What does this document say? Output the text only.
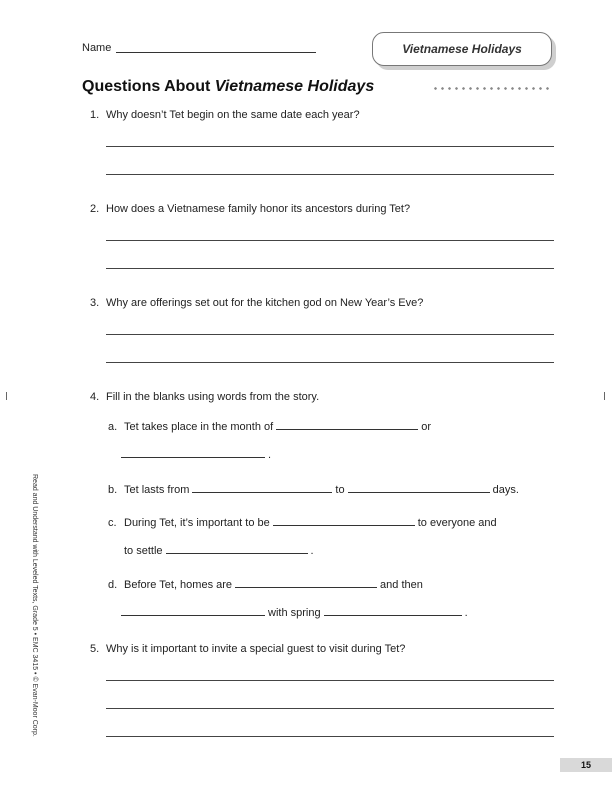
Name	Vietnamese Holidays
Questions About Vietnamese Holidays
1. Why doesn’t Tet begin on the same date each year?
2. How does a Vietnamese family honor its ancestors during Tet?
3. Why are offerings set out for the kitchen god on New Year’s Eve?
4. Fill in the blanks using words from the story.
a. Tet takes place in the month of	or
.
b. Tet lasts from	to	days.
c. During Tet, it’s important to be	to everyone and
to settle	.
d. Before Tet, homes are	and then
with spring	.
5. Why is it important to invite a special guest to visit during Tet?
Read and Understand with Leveled Texts, Grade 5 • EMC 3415 • © Evan-Moor Corp.
15
